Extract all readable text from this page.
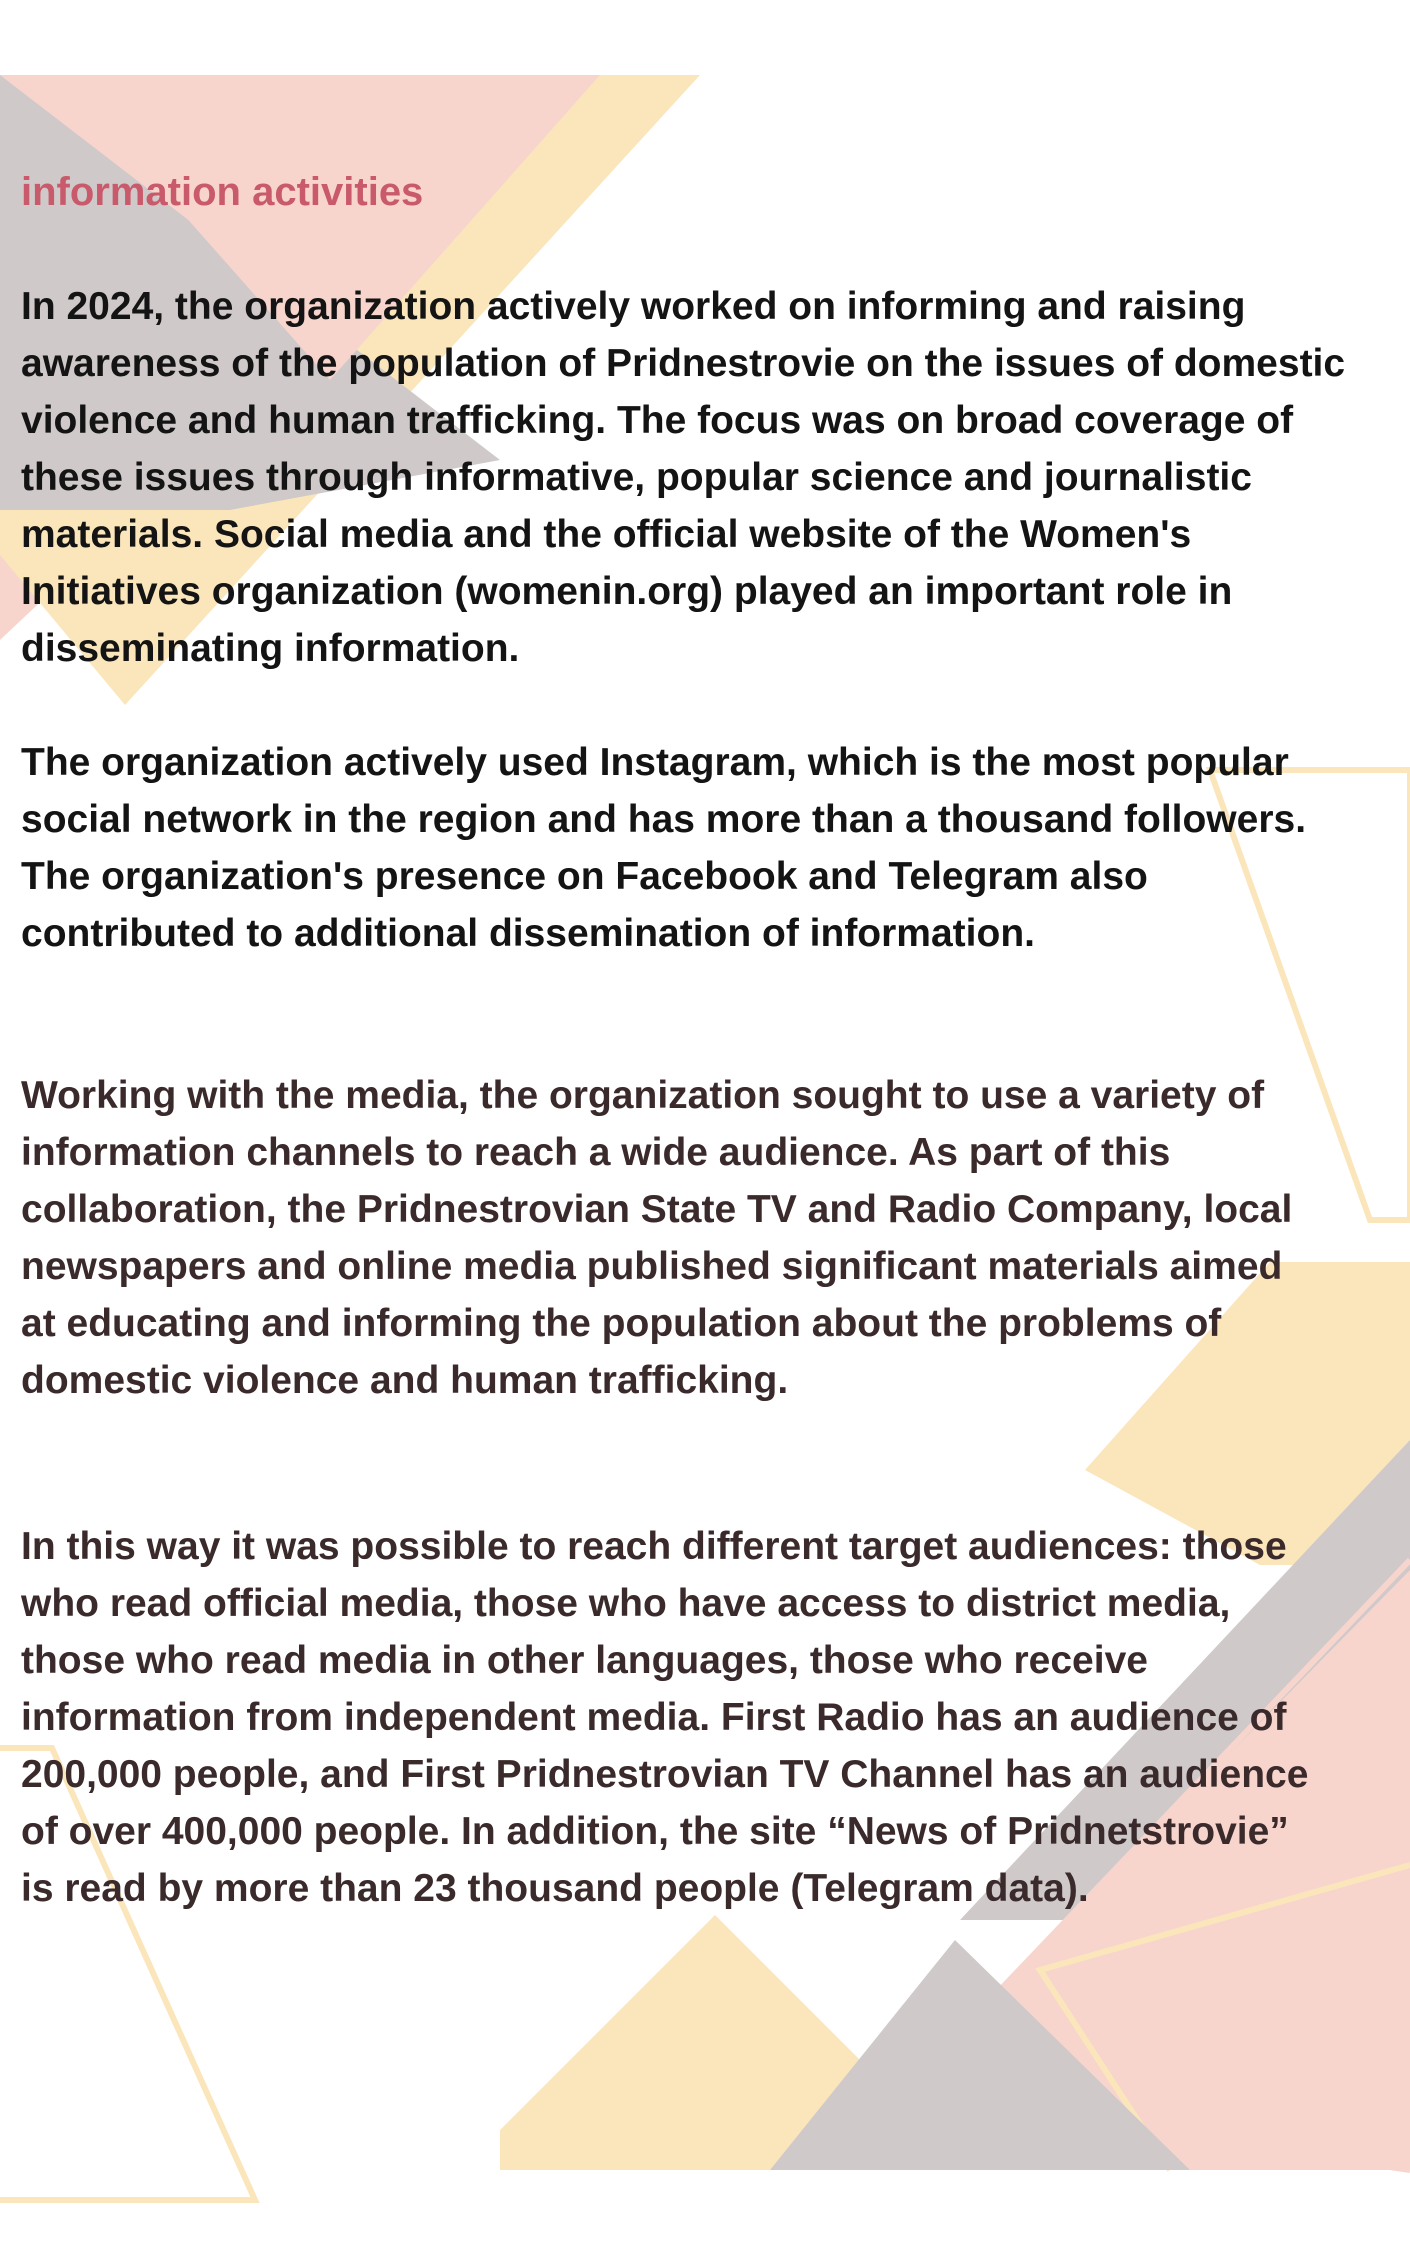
information activities

In 2024, the organization actively worked on informing and raising
awareness of the population of Pridnestrovie on the issues of domestic
violence and human trafficking. The focus was on broad coverage of
these issues through informative, popular science and journalistic
materials. Social media and the official website of the Women's
Initiatives organization (womenin.org) played an important role in
disseminating information.

The organization actively used Instagram, which is the most popular
social network in the region and has more than a thousand followers.
The organization's presence on Facebook and Telegram also
contributed to additional dissemination of information.

Working with the media, the organization sought to use a variety of
information channels to reach a wide audience. As part of this
collaboration, the Pridnestrovian State TV and Radio Company, local
newspapers and online media published significant materials aimed
at educating and informing the population about the problems of
domestic violence and human trafficking.

In this way it was possible to reach different target audiences: those
who read official media, those who have access to district media,
those who read media in other languages, those who receive
information from independent media. First Radio has an audience of
200,000 people, and First Pridnestrovian TV Channel has an audience
of over 400,000 people. In addition, the site “News of Pridnetstrovie”
is read by more than 23 thousand people (Telegram data).
